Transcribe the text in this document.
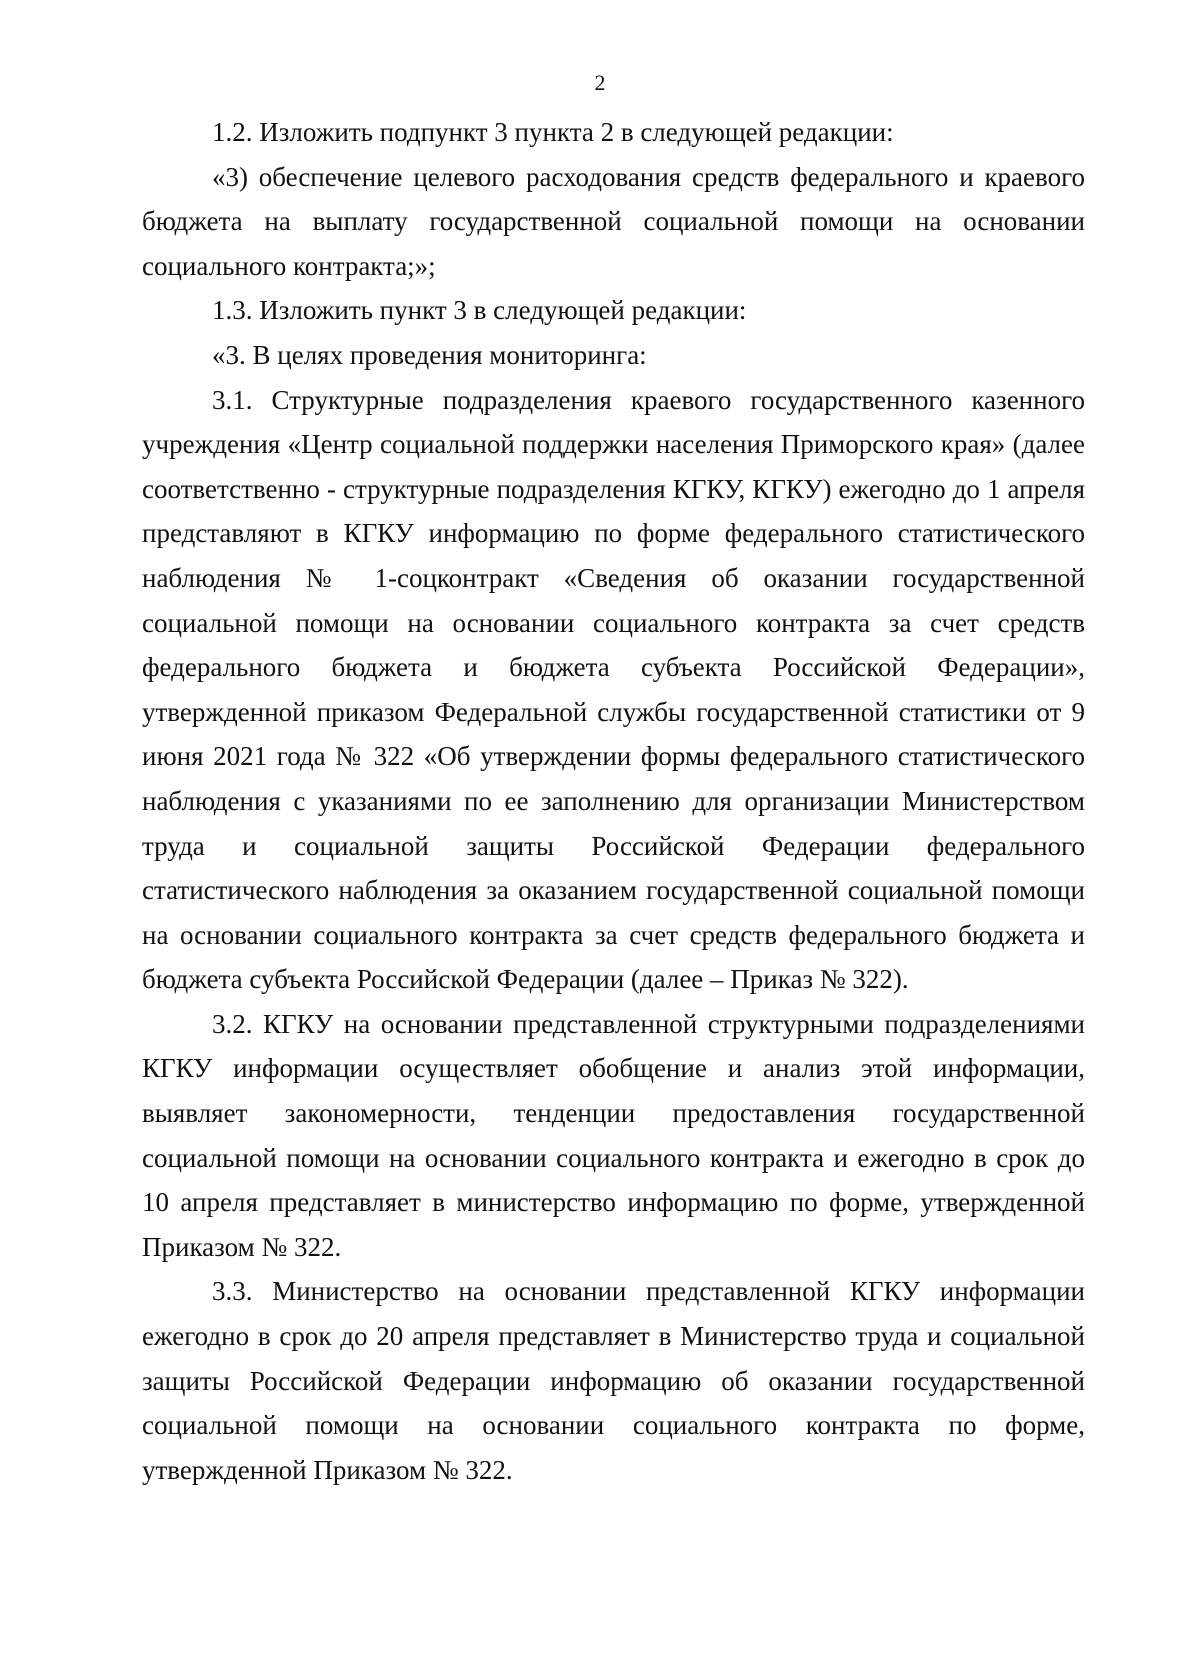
2

1.2. Изложить подпункт 3 пункта 2 в следующей редакции:

«3) обеспечение целевого расходования средств федерального и краевого бюджета на выплату государственной социальной помощи на основании социального контракта;»;

1.3. Изложить пункт 3 в следующей редакции:

«3. В целях проведения мониторинга:

3.1. Структурные подразделения краевого государственного казенного учреждения «Центр социальной поддержки населения Приморского края» (далее соответственно - структурные подразделения КГКУ, КГКУ) ежегодно до 1 апреля представляют в КГКУ информацию по форме федерального статистического наблюдения № 1-соцконтракт «Сведения об оказании государственной социальной помощи на основании социального контракта за счет средств федерального бюджета и бюджета субъекта Российской Федерации», утвержденной приказом Федеральной службы государственной статистики от 9 июня 2021 года № 322 «Об утверждении формы федерального статистического наблюдения с указаниями по ее заполнению для организации Министерством труда и социальной защиты Российской Федерации федерального статистического наблюдения за оказанием государственной социальной помощи на основании социального контракта за счет средств федерального бюджета и бюджета субъекта Российской Федерации (далее – Приказ № 322).

3.2. КГКУ на основании представленной структурными подразделениями КГКУ информации осуществляет обобщение и анализ этой информации, выявляет закономерности, тенденции предоставления государственной социальной помощи на основании социального контракта и ежегодно в срок до 10 апреля представляет в министерство информацию по форме, утвержденной Приказом № 322.

3.3. Министерство на основании представленной КГКУ информации ежегодно в срок до 20 апреля представляет в Министерство труда и социальной защиты Российской Федерации информацию об оказании государственной социальной помощи на основании социального контракта по форме, утвержденной Приказом № 322.
